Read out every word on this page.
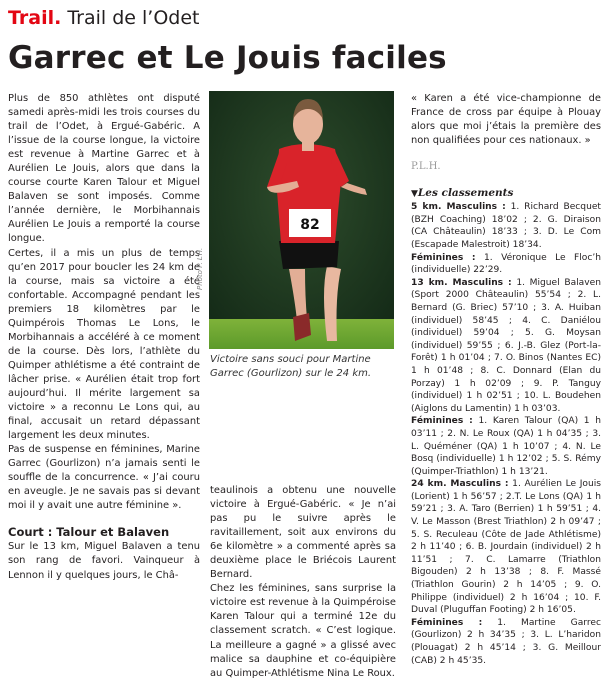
Trail. Trail de l’Odet
Garrec et Le Jouis faciles

Plus de 850 athlètes ont disputé samedi après-midi les trois courses du trail de l’Odet, à Ergué-Gabéric. A l’issue de la course longue, la victoire est revenue à Martine Garrec et à Aurélien Le Jouis, alors que dans la course courte Karen Talour et Miguel Balaven se sont imposés. Comme l’année dernière, le Morbihannais Aurélien Le Jouis a remporté la course longue.

Certes, il a mis un plus de temps qu’en 2017 pour boucler les 24 km de la course, mais sa victoire a été confortable. Accompagné pendant les premiers 18 kilomètres par le Quimpérois Thomas Le Lons, le Morbihannais a accéléré à ce moment de la course. Dès lors, l’athlète du Quimper athlétisme a été contraint de lâcher prise. « Aurélien était trop fort aujourd’hui. Il mérite largement sa victoire » a reconnu Le Lons qui, au final, accusait un retard dépassant largement les deux minutes.

Pas de suspense en féminines, Marine Garrec (Gourlizon) n’a jamais senti le souffle de la concurrence. « J’ai couru en aveugle. Je ne savais pas si devant moi il y avait une autre féminine ».

Court : Talour et Balaven

Sur le 13 km, Miguel Balaven a tenu son rang de favori. Vainqueur à Lennon il y quelques jours, le Châ-

Photo P. L’H.
82
Victoire sans souci pour Martine Garrec (Gourlizon) sur le 24 km.

teaulinois a obtenu une nouvelle victoire à Ergué-Gabéric. « Je n’ai pas pu le suivre après le ravitaillement, soit aux environs du 6e kilomètre » a commenté après sa deuxième place le Briécois Laurent Bernard.

Chez les féminines, sans surprise la victoire est revenue à la Quimpéroise Karen Talour qui a terminé 12e du classement scratch. « C’est logique. La meilleure a gagné » a glissé avec malice sa dauphine et co-équipière au Quimper-Athlétisme Nina Le Roux.

« Karen a été vice-championne de France de cross par équipe à Plouay alors que moi j’étais la première des non qualifiées pour ces nationaux. »

P.L.H.

▼Les classements

5 km. Masculins : 1. Richard Becquet (BZH Coaching) 18’02 ; 2. G. Diraison (CA Châteaulin) 18’33 ; 3. D. Le Com (Escapade Malestroit) 18’34.

Féminines : 1. Véronique Le Floc’h (individuelle) 22’29.

13 km. Masculins : 1. Miguel Balaven (Sport 2000 Châteaulin) 55’54 ; 2. L. Bernard (G. Briec) 57’10 ; 3. A. Huiban (individuel) 58’45 ; 4. C. Daniélou (individuel) 59’04 ; 5. G. Moysan (individuel) 59’55 ; 6. J.-B. Glez (Port-la-Forêt) 1 h 01’04 ; 7. O. Binos (Nantes EC) 1 h 01’48 ; 8. C. Donnard (Elan du Porzay) 1 h 02’09 ; 9. P. Tanguy (individuel) 1 h 02’51 ; 10. L. Boudehen (Aiglons du Lamentin) 1 h 03’03.

Féminines : 1. Karen Talour (QA) 1 h 03’11 ; 2. N. Le Roux (QA) 1 h 04’35 ; 3. L. Quéméner (QA) 1 h 10’07 ; 4. N. Le Bosq (individuelle) 1 h 12’02 ; 5. S. Rémy (Quimper-Triathlon) 1 h 13’21.

24 km. Masculins : 1. Aurélien Le Jouis (Lorient) 1 h 56’57 ; 2.T. Le Lons (QA) 1 h 59’21 ; 3. A. Taro (Berrien) 1 h 59’51 ; 4. V. Le Masson (Brest Triathlon) 2 h 09’47 ; 5. S. Reculeau (Côte de Jade Athlétisme) 2 h 11’40 ; 6. B. Jourdain (individuel) 2 h 11’51 ; 7. C. Lamarre (Triathlon Bigouden) 2 h 13’38 ; 8. F. Massé (Triathlon Gourin) 2 h 14’05 ; 9. O. Philippe (individuel) 2 h 16’04 ; 10. F. Duval (Pluguffan Footing) 2 h 16’05.

Féminines : 1. Martine Garrec (Gourlizon) 2 h 34’35 ; 3. L. L’haridon (Plouagat) 2 h 45’14 ; 3. G. Meillour (CAB) 2 h 45’35.
